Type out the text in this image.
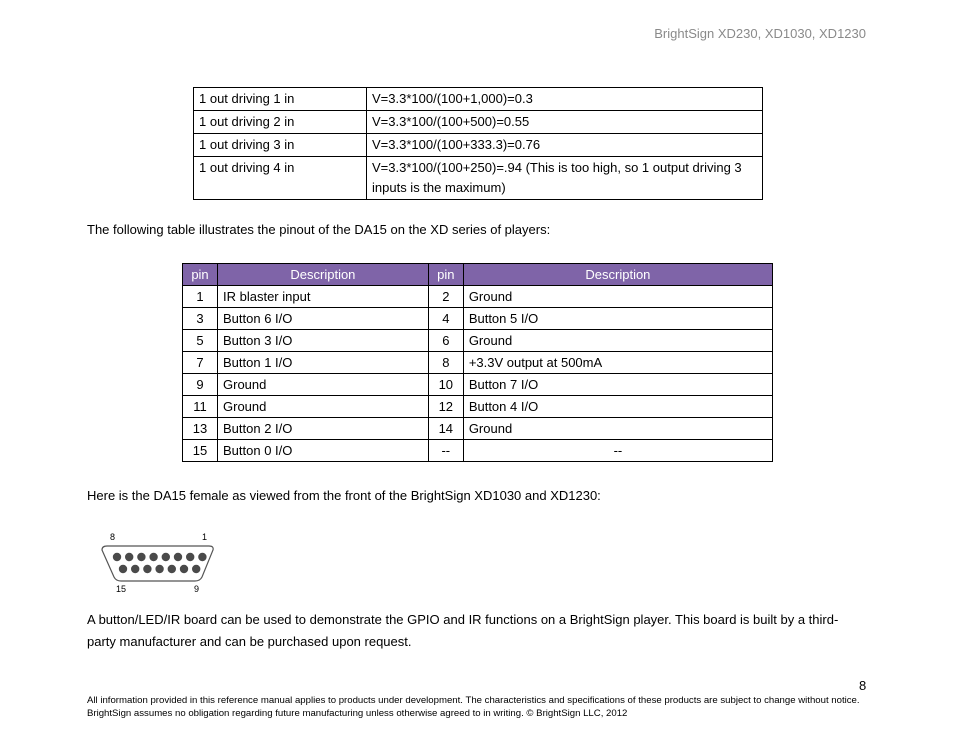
BrightSign XD230, XD1030, XD1230
1 out driving 1 in	V=3.3*100/(100+1,000)=0.3
1 out driving 2 in	V=3.3*100/(100+500)=0.55
1 out driving 3 in	V=3.3*100/(100+333.3)=0.76
1 out driving 4 in	V=3.3*100/(100+250)=.94 (This is too high, so 1 output driving 3 inputs is the maximum)

The following table illustrates the pinout of the DA15 on the XD series of players:

pin	Description	pin	Description
1	IR blaster input	2	Ground
3	Button 6 I/O	4	Button 5 I/O
5	Button 3 I/O	6	Ground
7	Button 1 I/O	8	+3.3V output at 500mA
9	Ground	10	Button 7 I/O
11	Ground	12	Button 4 I/O
13	Button 2 I/O	14	Ground
15	Button 0 I/O	--	--

Here is the DA15 female as viewed from the front of the BrightSign XD1030 and XD1230:

8	1
15	9

A button/LED/IR board can be used to demonstrate the GPIO and IR functions on a BrightSign player. This board is built by a third-party manufacturer and can be purchased upon request.

8
All information provided in this reference manual applies to products under development. The characteristics and specifications of these products are subject to change without notice. BrightSign assumes no obligation regarding future manufacturing unless otherwise agreed to in writing. © BrightSign LLC, 2012
